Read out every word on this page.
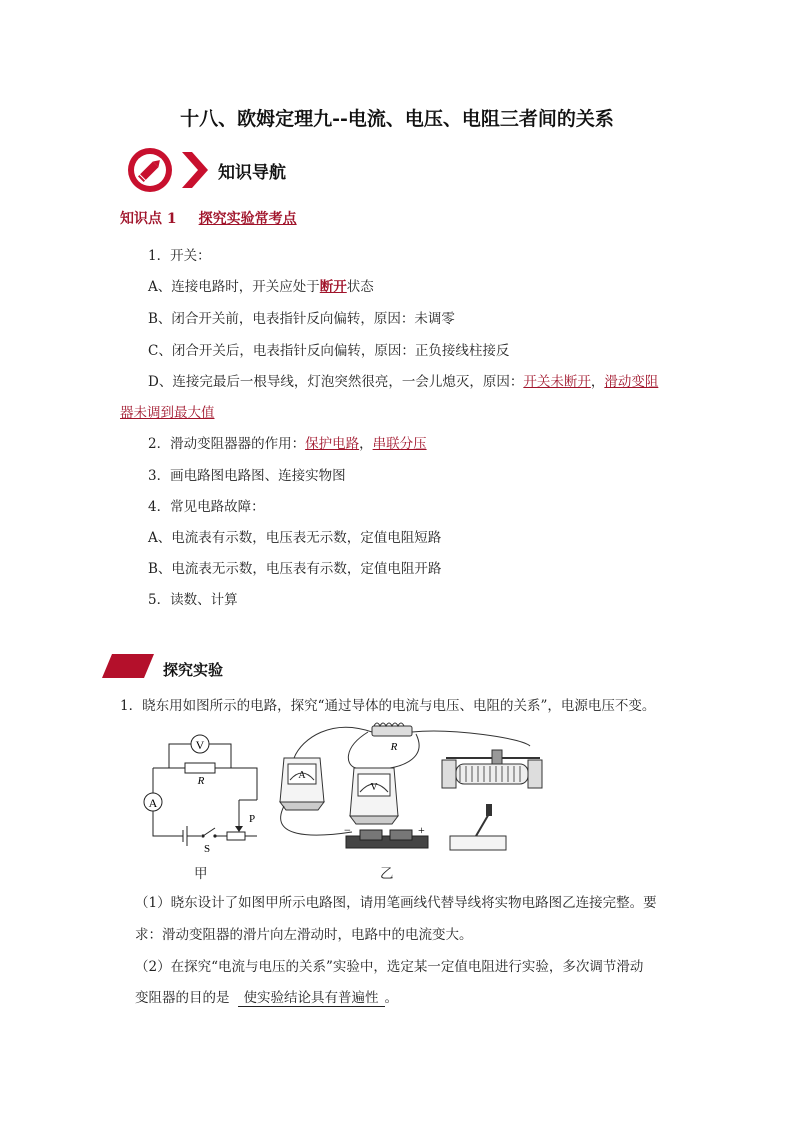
十八、欧姆定理九--电流、电压、电阻三者间的关系
知识导航
知识点 1 探究实验常考点
1．开关：
A、连接电路时，开关应处于断开状态
B、闭合开关前，电表指针反向偏转，原因：未调零
C、闭合开关后，电表指针反向偏转，原因：正负接线柱接反
D、连接完最后一根导线，灯泡突然很亮，一会儿熄灭，原因：开关未断开，滑动变阻
器未调到最大值
2．滑动变阻器器的作用：保护电路，串联分压
3．画电路图电路图、连接实物图
4．常见电路故障：
A、电流表有示数，电压表无示数，定值电阻短路
B、电流表无示数，电压表有示数，定值电阻开路
5．读数、计算
探究实验
1．晓东用如图所示的电路，探究“通过导体的电流与电压、电阻的关系”，电源电压不变。
V
R
A
S
P
甲
R
A
V
−	+
乙
（1）晓东设计了如图甲所示电路图，请用笔画线代替导线将实物电路图乙连接完整。要
求：滑动变阻器的滑片向左滑动时，电路中的电流变大。
（2）在探究“电流与电压的关系”实验中，选定某一定值电阻进行实验，多次调节滑动
变阻器的目的是 使实验结论具有普遍性 。
